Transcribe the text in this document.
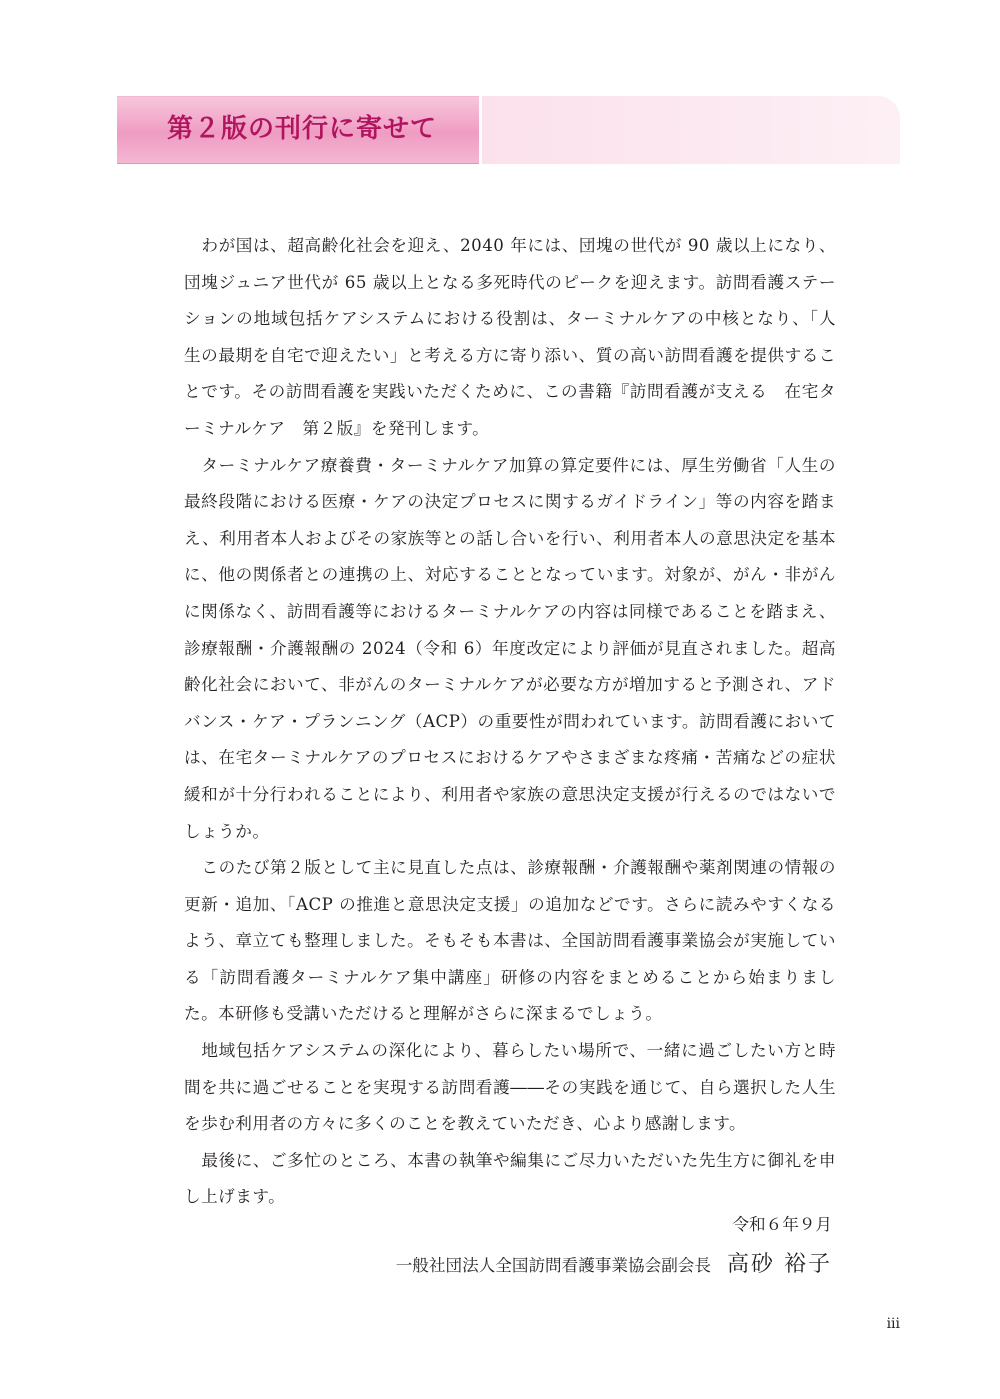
第２版の刊行に寄せて

わが国は、超高齢化社会を迎え、2040 年には、団塊の世代が 90 歳以上になり、団塊ジュニア世代が 65 歳以上となる多死時代のピークを迎えます。訪問看護ステーションの地域包括ケアシステムにおける役割は、ターミナルケアの中核となり、「人生の最期を自宅で迎えたい」と考える方に寄り添い、質の高い訪問看護を提供することです。その訪問看護を実践いただくために、この書籍『訪問看護が支える　在宅ターミナルケア　第２版』を発刊します。

ターミナルケア療養費・ターミナルケア加算の算定要件には、厚生労働省「人生の最終段階における医療・ケアの決定プロセスに関するガイドライン」等の内容を踏まえ、利用者本人およびその家族等との話し合いを行い、利用者本人の意思決定を基本に、他の関係者との連携の上、対応することとなっています。対象が、がん・非がんに関係なく、訪問看護等におけるターミナルケアの内容は同様であることを踏まえ、診療報酬・介護報酬の 2024（令和 6）年度改定により評価が見直されました。超高齢化社会において、非がんのターミナルケアが必要な方が増加すると予測され、アドバンス・ケア・プランニング（ACP）の重要性が問われています。訪問看護においては、在宅ターミナルケアのプロセスにおけるケアやさまざまな疼痛・苦痛などの症状緩和が十分行われることにより、利用者や家族の意思決定支援が行えるのではないでしょうか。

このたび第２版として主に見直した点は、診療報酬・介護報酬や薬剤関連の情報の更新・追加、「ACP の推進と意思決定支援」の追加などです。さらに読みやすくなるよう、章立ても整理しました。そもそも本書は、全国訪問看護事業協会が実施している「訪問看護ターミナルケア集中講座」研修の内容をまとめることから始まりました。本研修も受講いただけると理解がさらに深まるでしょう。

地域包括ケアシステムの深化により、暮らしたい場所で、一緒に過ごしたい方と時間を共に過ごせることを実現する訪問看護――その実践を通じて、自ら選択した人生を歩む利用者の方々に多くのことを教えていただき、心より感謝します。

最後に、ご多忙のところ、本書の執筆や編集にご尽力いただいた先生方に御礼を申し上げます。

令和６年９月
一般社団法人全国訪問看護事業協会副会長 高砂 裕子
iii
